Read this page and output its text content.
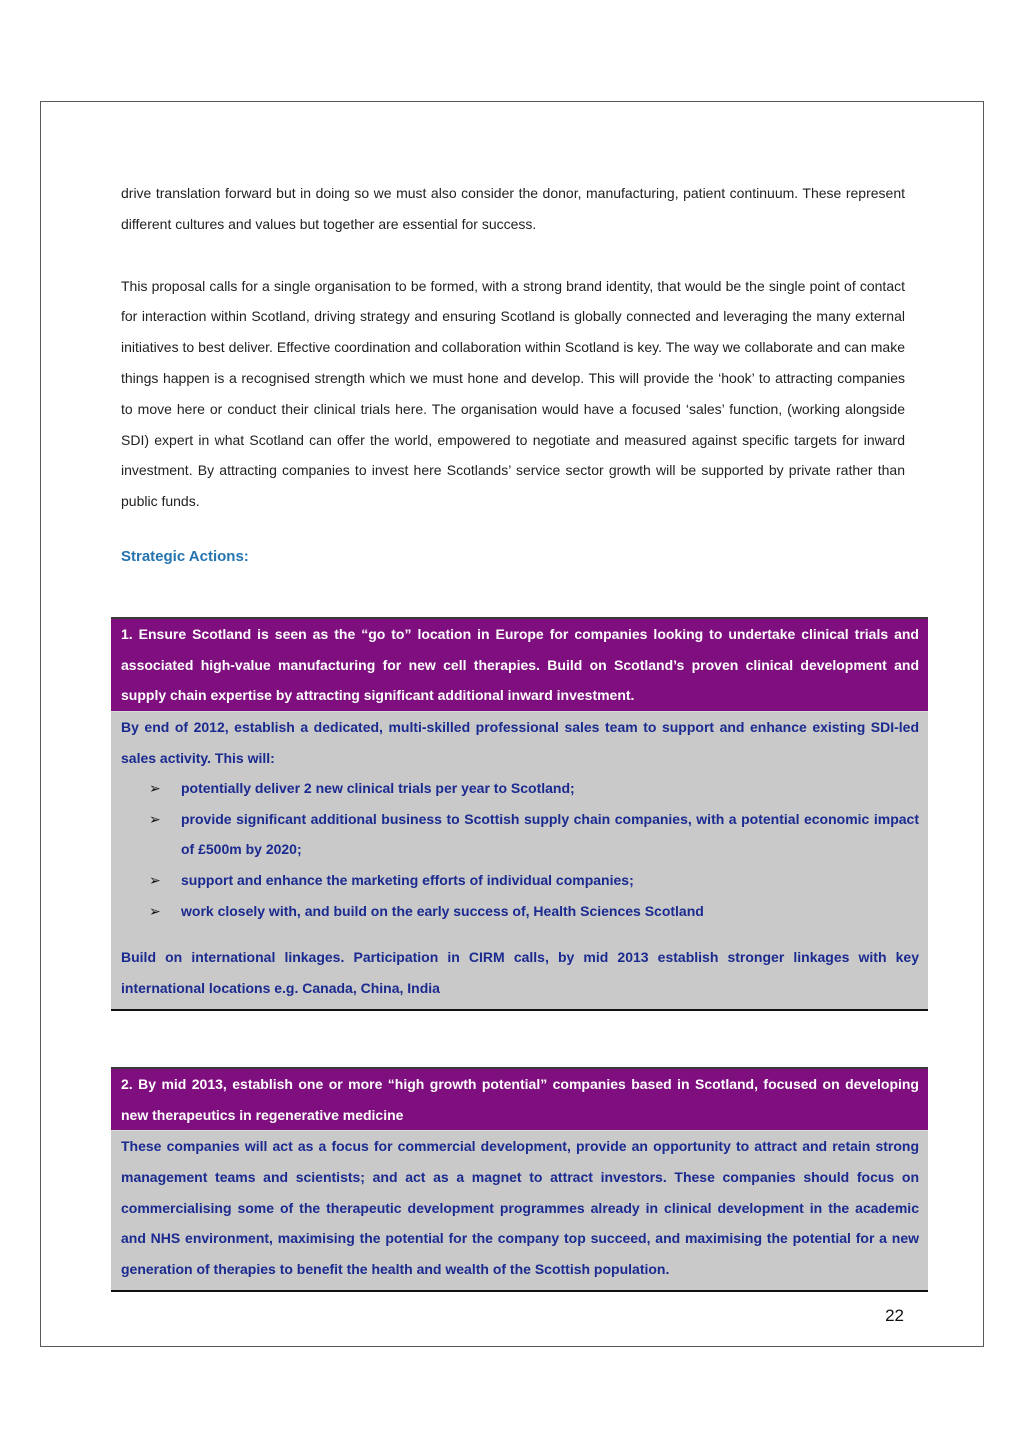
drive translation forward but in doing so we must also consider the donor, manufacturing, patient continuum. These represent different cultures and values but together are essential for success.

This proposal calls for a single organisation to be formed, with a strong brand identity, that would be the single point of contact for interaction within Scotland, driving strategy and ensuring Scotland is globally connected and leveraging the many external initiatives to best deliver. Effective coordination and collaboration within Scotland is key. The way we collaborate and can make things happen is a recognised strength which we must hone and develop. This will provide the ‘hook’ to attracting companies to move here or conduct their clinical trials here. The organisation would have a focused ‘sales’ function, (working alongside SDI) expert in what Scotland can offer the world, empowered to negotiate and measured against specific targets for inward investment. By attracting companies to invest here Scotlands’ service sector growth will be supported by private rather than public funds.

Strategic Actions:
1. Ensure Scotland is seen as the “go to” location in Europe for companies looking to undertake clinical trials and associated high-value manufacturing for new cell therapies. Build on Scotland’s proven clinical development and supply chain expertise by attracting significant additional inward investment.

By end of 2012, establish a dedicated, multi-skilled professional sales team to support and enhance existing SDI-led sales activity. This will:

➢ potentially deliver 2 new clinical trials per year to Scotland;
➢ provide significant additional business to Scottish supply chain companies, with a potential economic impact of £500m by 2020;
➢ support and enhance the marketing efforts of individual companies;
➢ work closely with, and build on the early success of, Health Sciences Scotland

Build on international linkages. Participation in CIRM calls, by mid 2013 establish stronger linkages with key international locations e.g. Canada, China, India

2. By mid 2013, establish one or more “high growth potential” companies based in Scotland, focused on developing new therapeutics in regenerative medicine

These companies will act as a focus for commercial development, provide an opportunity to attract and retain strong management teams and scientists; and act as a magnet to attract investors. These companies should focus on commercialising some of the therapeutic development programmes already in clinical development in the academic and NHS environment, maximising the potential for the company top succeed, and maximising the potential for a new generation of therapies to benefit the health and wealth of the Scottish population.

22
